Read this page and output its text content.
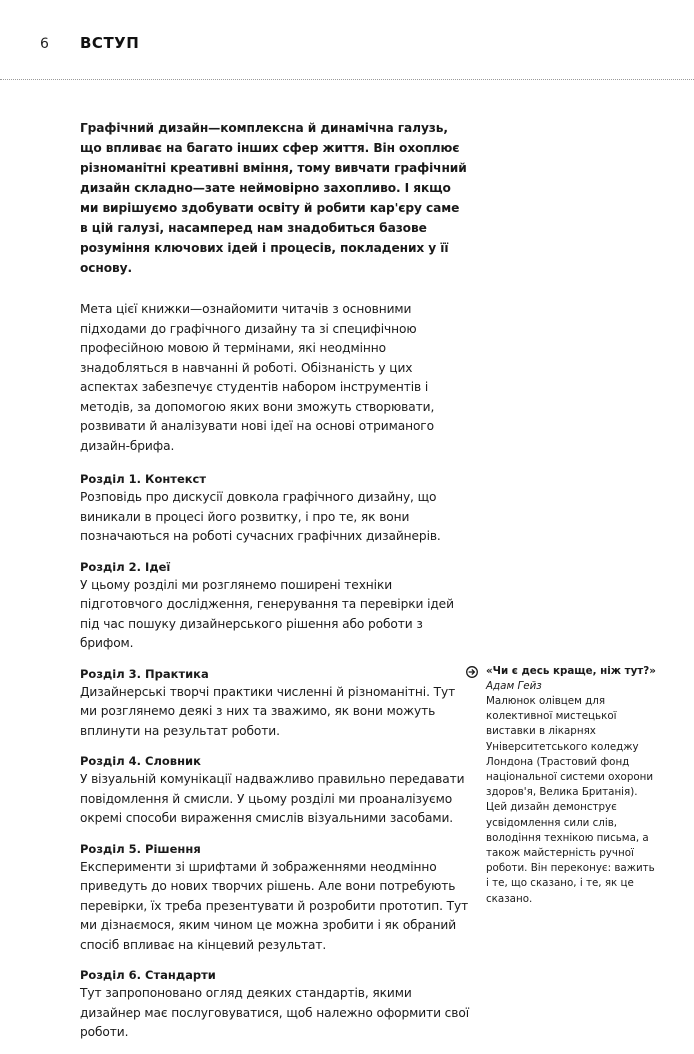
6	ВСТУП

Графічний дизайн—комплексна й динамічна галузь, що впливає на багато інших сфер життя. Він охоплює різноманітні креативні вміння, тому вивчати графічний дизайн складно—зате неймовірно захопливо. І якщо ми вирішуємо здобувати освіту й робити кар'єру саме в цій галузі, насамперед нам знадобиться базове розуміння ключових ідей і процесів, покладених у її основу.

Мета цієї книжки—ознайомити читачів з основними підходами до графічного дизайну та зі специфічною професійною мовою й термінами, які неодмінно знадобляться в навчанні й роботі. Обізнаність у цих аспектах забезпечує студентів набором інструментів і методів, за допомогою яких вони зможуть створювати, розвивати й аналізувати нові ідеї на основі отриманого дизайн-брифа.

Розділ 1. Контекст

Розповідь про дискусії довкола графічного дизайну, що виникали в процесі його розвитку, і про те, як вони позначаються на роботі сучасних графічних дизайнерів.

Розділ 2. Ідеї

У цьому розділі ми розглянемо поширені техніки підготовчого дослідження, генерування та перевірки ідей під час пошуку дизайнерського рішення або роботи з брифом.

Розділ 3. Практика

Дизайнерські творчі практики численні й різноманітні. Тут ми розглянемо деякі з них та зважимо, як вони можуть вплинути на результат роботи.

Розділ 4. Словник

У візуальній комунікації надважливо правильно передавати повідомлення й смисли. У цьому розділі ми проаналізуємо окремі способи вираження смислів візуальними засобами.

Розділ 5. Рішення

Експерименти зі шрифтами й зображеннями неодмінно приведуть до нових творчих рішень. Але вони потребують перевірки, їх треба презентувати й розробити прототип. Тут ми дізнаємося, яким чином це можна зробити і як обраний спосіб впливає на кінцевий результат.

Розділ 6. Стандарти

Тут запропоновано огляд деяких стандартів, якими дизайнер має послуговуватися, щоб належно оформити свої роботи.

«Чи є десь краще, ніж тут?»
Адам Гейз

Малюнок олівцем для колективної мистецької виставки в лікарнях Університетського коледжу Лондона (Трастовий фонд національної системи охорони здоров'я, Велика Британія). Цей дизайн демонструє усвідомлення сили слів, володіння технікою письма, а також майстерність ручної роботи. Він переконує: важить і те, що сказано, і те, як це сказано.
